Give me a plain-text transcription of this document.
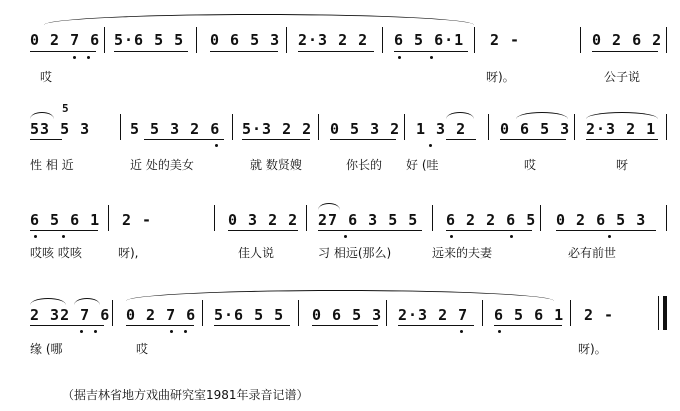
0 2 7 6 5·6 5 5 0 6 5 3 2·3 2 2 6 5 6·1 2 -	0 2 6 2
哎	呀)。	公子说
5
53 5 3	5 5 3 2 6 5·3 2 2 0 5 3 2 1 3 2 0 6 5 3 2·3 2 1
性 相 近	近 处的美女	就 数贤嫂	你长的 好 (哇	哎	呀
6 5 6 1 2 -	0 3 2 2 27 6 3 5 5 6 2 2 6 5 0 2 6 5 3
哎咳 哎咳	呀),	佳人说	习 相远(那么)	远来的夫妻	必有前世
2 32 7 6 0 2 7 6 5·6 5 5 0 6 5 3 2·3 2 7 6 5 6 1 2 -
缘 (哪	哎	呀)。
（据吉林省地方戏曲研究室1981年录音记谱）
